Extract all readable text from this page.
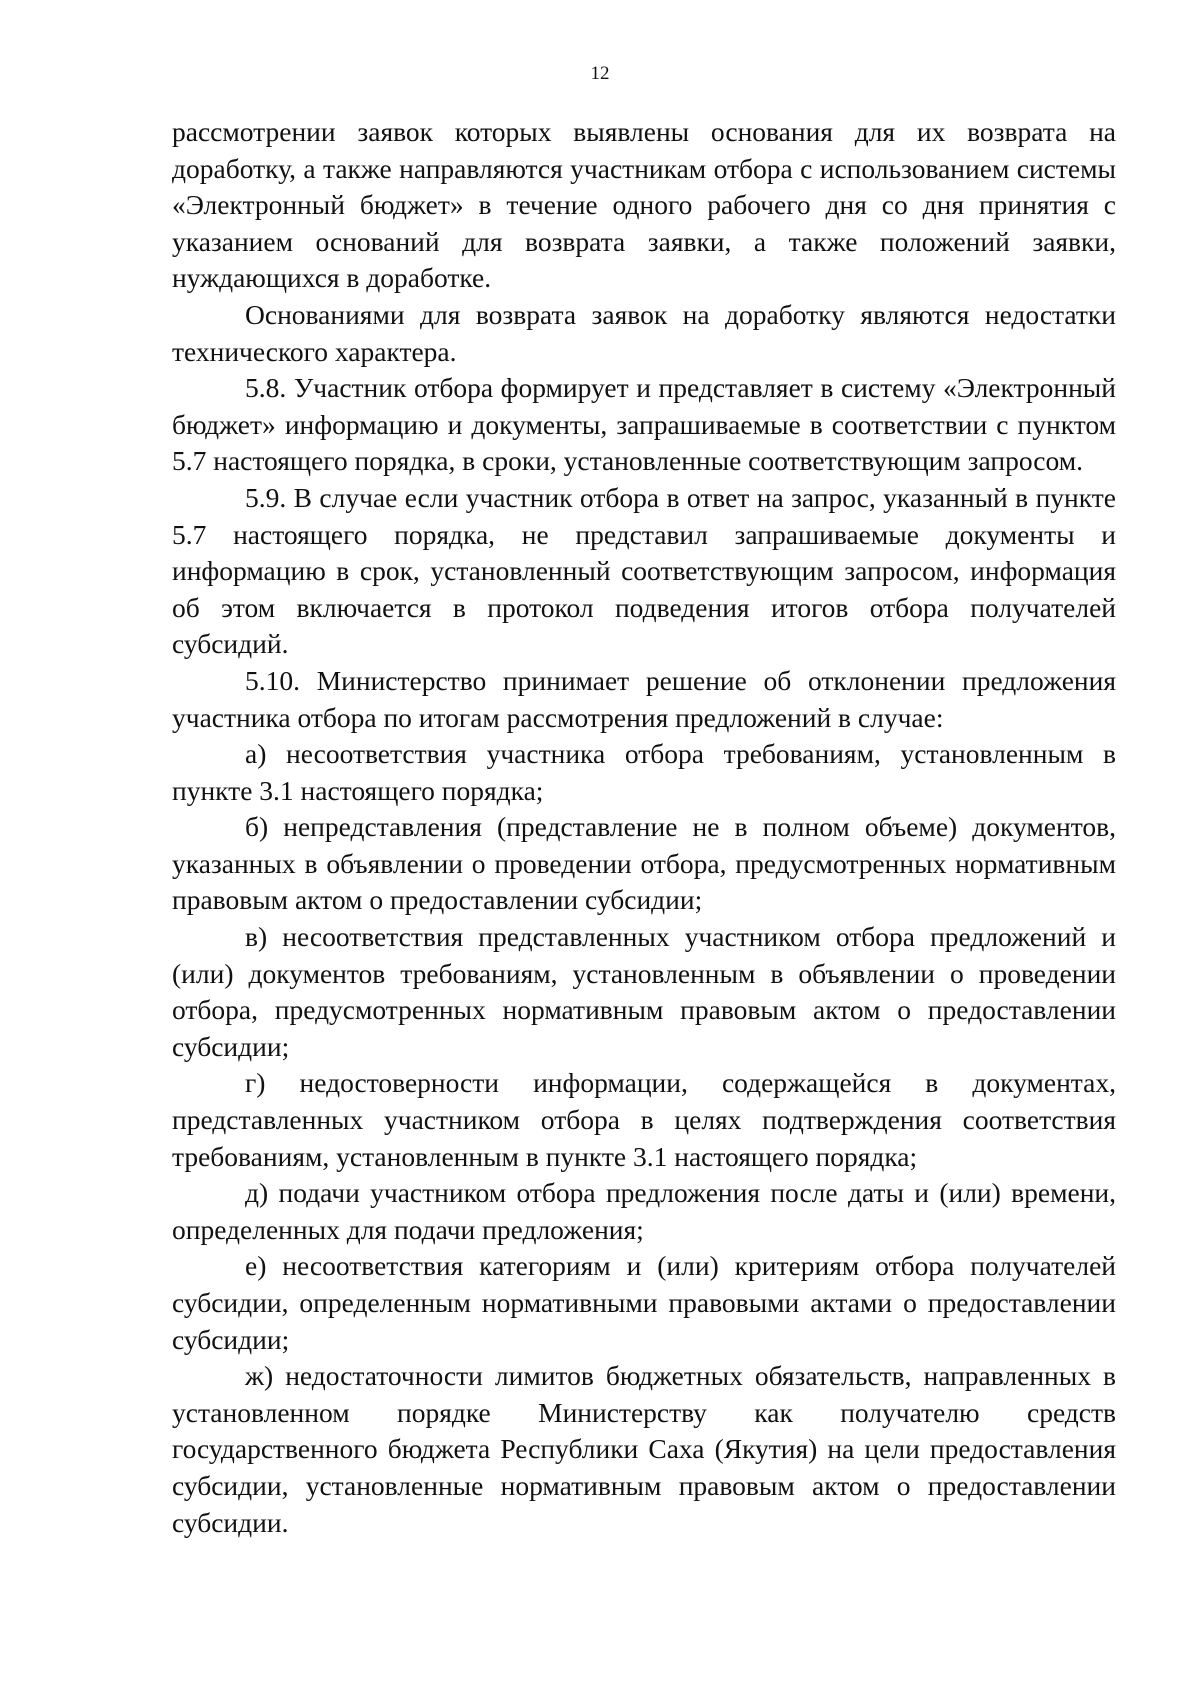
12

рассмотрении заявок которых выявлены основания для их возврата на доработку, а также направляются участникам отбора с использованием системы «Электронный бюджет» в течение одного рабочего дня со дня принятия с указанием оснований для возврата заявки, а также положений заявки, нуждающихся в доработке.

Основаниями для возврата заявок на доработку являются недостатки технического характера.

5.8. Участник отбора формирует и представляет в систему «Электронный бюджет» информацию и документы, запрашиваемые в соответствии с пунктом 5.7 настоящего порядка, в сроки, установленные соответствующим запросом.

5.9. В случае если участник отбора в ответ на запрос, указанный в пункте 5.7 настоящего порядка, не представил запрашиваемые документы и информацию в срок, установленный соответствующим запросом, информация об этом включается в протокол подведения итогов отбора получателей субсидий.

5.10. Министерство принимает решение об отклонении предложения участника отбора по итогам рассмотрения предложений в случае:

а) несоответствия участника отбора требованиям, установленным в пункте 3.1 настоящего порядка;

б) непредставления (представление не в полном объеме) документов, указанных в объявлении о проведении отбора, предусмотренных нормативным правовым актом о предоставлении субсидии;

в) несоответствия представленных участником отбора предложений и (или) документов требованиям, установленным в объявлении о проведении отбора, предусмотренных нормативным правовым актом о предоставлении субсидии;

г) недостоверности информации, содержащейся в документах, представленных участником отбора в целях подтверждения соответствия требованиям, установленным в пункте 3.1 настоящего порядка;

д) подачи участником отбора предложения после даты и (или) времени, определенных для подачи предложения;

е) несоответствия категориям и (или) критериям отбора получателей субсидии, определенным нормативными правовыми актами о предоставлении субсидии;

ж) недостаточности лимитов бюджетных обязательств, направленных в установленном порядке Министерству как получателю средств государственного бюджета Республики Саха (Якутия) на цели предоставления субсидии, установленные нормативным правовым актом о предоставлении субсидии.
